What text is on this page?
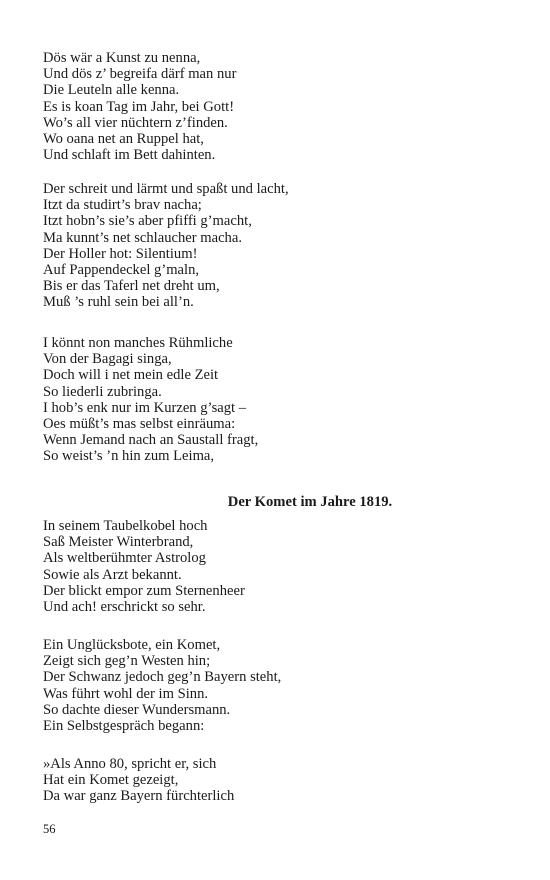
Dös wär a Kunst zu nenna,
Und dös z’ begreifa därf man nur
Die Leuteln alle kenna.
Es is koan Tag im Jahr, bei Gott!
Wo’s all vier nüchtern z’finden.
Wo oana net an Ruppel hat,
Und schlaft im Bett dahinten.
Der schreit und lärmt und spaßt und lacht,
Itzt da studirt’s brav nacha;
Itzt hobn’s sie’s aber pfiffi g’macht,
Ma kunnt’s net schlaucher macha.
Der Holler hot: Silentium!
Auf Pappendeckel g’maln,
Bis er das Taferl net dreht um,
Muß ’s ruhl sein bei all’n.
I könnt non manches Rühmliche
Von der Bagagi singa,
Doch will i net mein edle Zeit
So liederli zubringa.
I hob’s enk nur im Kurzen g’sagt –
Oes müßt’s mas selbst einräuma:
Wenn Jemand nach an Saustall fragt,
So weist’s ’n hin zum Leima,
Der Komet im Jahre 1819.
In seinem Taubelkobel hoch
Saß Meister Winterbrand,
Als weltberühmter Astrolog
Sowie als Arzt bekannt.
Der blickt empor zum Sternenheer
Und ach! erschrickt so sehr.
Ein Unglücksbote, ein Komet,
Zeigt sich geg’n Westen hin;
Der Schwanz jedoch geg’n Bayern steht,
Was führt wohl der im Sinn.
So dachte dieser Wundersmann.
Ein Selbstgespräch begann:
»Als Anno 80, spricht er, sich
Hat ein Komet gezeigt,
Da war ganz Bayern fürchterlich
56
